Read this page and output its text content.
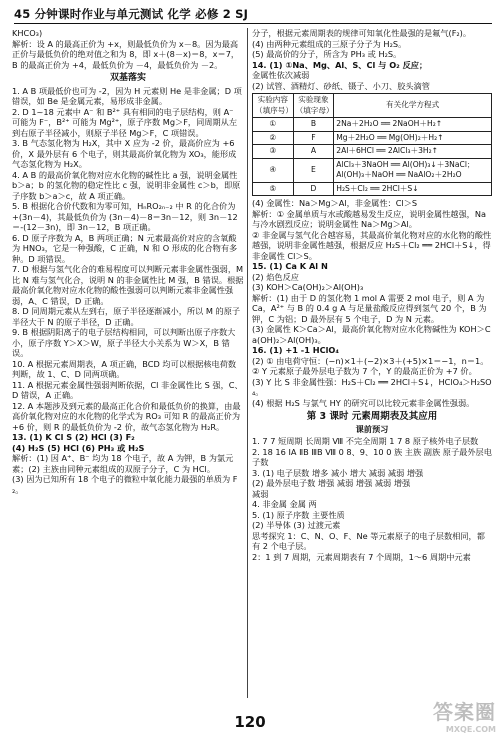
45 分钟课时作业与单元测试 化学 必修 2 SJ

KHCO₃)

解析：设 A 的最高正价为 +x，则最低负价为 x－8。因为最高正价与最低负价的绝对值之和为 8，即 x＋(8－x)＝8，x＝7，B 的最高正价为 +4，最低负价为 －4，最低负价为 －2。

双基落实

1. A B 项最低价也可为 -2，因为 H 元素则 He 是非金属；D 项错误，如 Be 是金属元素，易形成非金属。

2. D 1~18 元素中 A⁻ 和 B²⁺ 具有相同的电子层结构，则 A⁻ 可能为 F⁻，B²⁺ 可能为 Mg²⁺，原子序数 Mg＞F，同周期从左到右原子半径减小，则原子半径 Mg＞F，C 项错误。

3. B 气态氢化物为 H₂X，其中 X 应为 -2 价，最高价应为 +6 价，X 最外层有 6 个电子，则其最高价氧化物为 XO₃，能形成气态氢化物为 H₂X。

4. A B 的最高价氧化物对应水化物的碱性比 a 强，说明金属性 b＞a；b 的氢化物的稳定性比 c 强，说明非金属性 c＞b，即原子序数 b＞a＞c，故 A 项正确。

5. B 根据化合价代数和为零可知，HₙRO₂ₙ₋₂ 中 R 的化合价为 +(3n－4)，其最低负价为 (3n－4)－8＝3n－12，则 3n－12＝-(12－3n)，即 3n－12，B 项正确。

6. D 原子序数为 A，B 两项正确；N 元素最高价对应的含氧酸为 HNO₃，它是一种强酸，C 正确，N 和 O 形成的化合物有多种。D 项错误。

7. D 根据与氢气化合的难易程度可以判断元素非金属性强弱，M 比 N 难与氢气化合，说明 N 的非金属性比 M 强，B 错误。根据最高价氧化物对应水化物的酸性强弱可以判断元素非金属性强弱，A、C 错误，D 正确。

8. D 同周期元素从左到右，原子半径逐渐减小，所以 M 的原子半径大于 N 的原子半径，D 正确。

9. B 根据阴阳离子的电子层结构相同，可以判断出原子序数大小，原子序数 Y＞X＞W，原子半径大小关系为 W＞X，B 错误。

10. A 根据元素周期表，A 项正确，BCD 均可以根据核电荷数判断，故 1、C、D 同两项确。

11. A 根据元素金属性强弱判断依据，Cl 非金属性比 S 强，C、D 错误，A 正确。

12. A 本题涉及到元素的最高正化合价和最低负价的换算，由最高价氧化物对应的水化物的化学式为 RO₃ 可知 R 的最高正价为 +6 价，则 R 的最低负价为 -2 价，故气态氢化物为 H₂R。

13. (1) K Cl S (2) HCl (3) F₂

(4) H₂S (5) HCl (6) PH₃ 或 H₂S

解析：(1) 因 A⁺、B⁻ 均为 18 个电子，故 A 为钾，B 为氯元素；(2) 主族由同种元素组成的双原子分子，C 为 HCl。

(3) 因为已知所有 18 个电子的微粒中氧化能力最强的单质为 F₂。

分子，根据元素周期表的规律可知氧化性最强的是氟气(F₂)。

(4) 由两种元素组成的三原子分子为 H₂S。

(5) 最高价的分子，所含为 PH₃ 或 H₂S。

14. (1) ①Na、Mg、Al、S、Cl 与 O₂ 反应；

金属性依次减弱

(2) 试管、酒精灯、砂纸、镊子、小刀、胶头滴管

实验内容（填序号）	实验现象（填字母）	有关化学方程式
①	B	2Na＋2H₂O ══ 2NaOH＋H₂↑
②	F	Mg＋2H₂O ══ Mg(OH)₂＋H₂↑
③	A	2Al＋6HCl ══ 2AlCl₃＋3H₂↑
④	E	AlCl₃＋3NaOH ══ Al(OH)₃↓＋3NaCl；Al(OH)₃＋NaOH ══ NaAlO₂＋2H₂O
⑤	D	H₂S＋Cl₂ ══ 2HCl＋S↓

(4) 金属性：Na＞Mg＞Al，非金属性：Cl＞S

解析：① 金属单质与水或酸越易发生反应，说明金属性越强，Na 与冷水剧烈反应；说明金属性 Na＞Mg＞Al。

② 非金属与氢气化合越容易，其最高价氧化物对应的水化物的酸性越强，说明非金属性越强，根据反应 H₂S＋Cl₂ ══ 2HCl＋S↓，得非金属性 Cl＞S。

15. (1) Ca K Al N

(2) 焰色反应

(3) KOH＞Ca(OH)₂＞Al(OH)₃

解析：(1) 由于 D 的氢化物 1 mol A 需要 2 mol 电子，则 A 为 Ca，A²⁺ 与 B 的 0.4 g A 与足量盐酸反应得到氢气 20 个，B 为钾，C 为铝；D 最外层有 5 个电子，D 为 N 元素。

(3) 金属性 K＞Ca＞Al，最高价氧化物对应水化物碱性为 KOH＞Ca(OH)₂＞Al(OH)₃。

16. (1) +1 -1 HClO₄

(2) ① 由电荷守恒：(−n)×1＋(−2)×3＋(+5)×1＝−1，n＝1。

② Y 元素原子最外层电子数为 7 个，Y 的最高正价为 +7 价。

(3) Y 比 S 非金属性强：H₂S＋Cl₂ ══ 2HCl＋S↓，HClO₄＞H₂SO₄。

(4) 根据 H₂S 与氯气 HY 的研究可以比较元素非金属性强弱。

第 3 课时 元素周期表及其应用
课前预习

1. 7 7 短周期 长周期 Ⅷ 不完全周期 1 7 8 原子核外电子层数

2. 18 16 ⅠA ⅡB ⅢB Ⅷ 0 8、9、10 0 族 主族 副族 原子最外层电子数

3. (1) 电子层数 增多 减小 增大 减弱 减弱 增强

(2) 最外层电子数 增强 减弱 增强 减弱 增强

减弱

4. 非金属 金属 两

5. (1) 原子序数 主要性质

(2) 半导体 (3) 过渡元素

思考探究 1：C、N、O、F、Ne 等元素原子的电子层数相同，都有 2 个电子层。

2：1 到 7 周期，元素周期表有 7 个周期，1～6 周期中元素

120	答案圈
MXQE.COM
